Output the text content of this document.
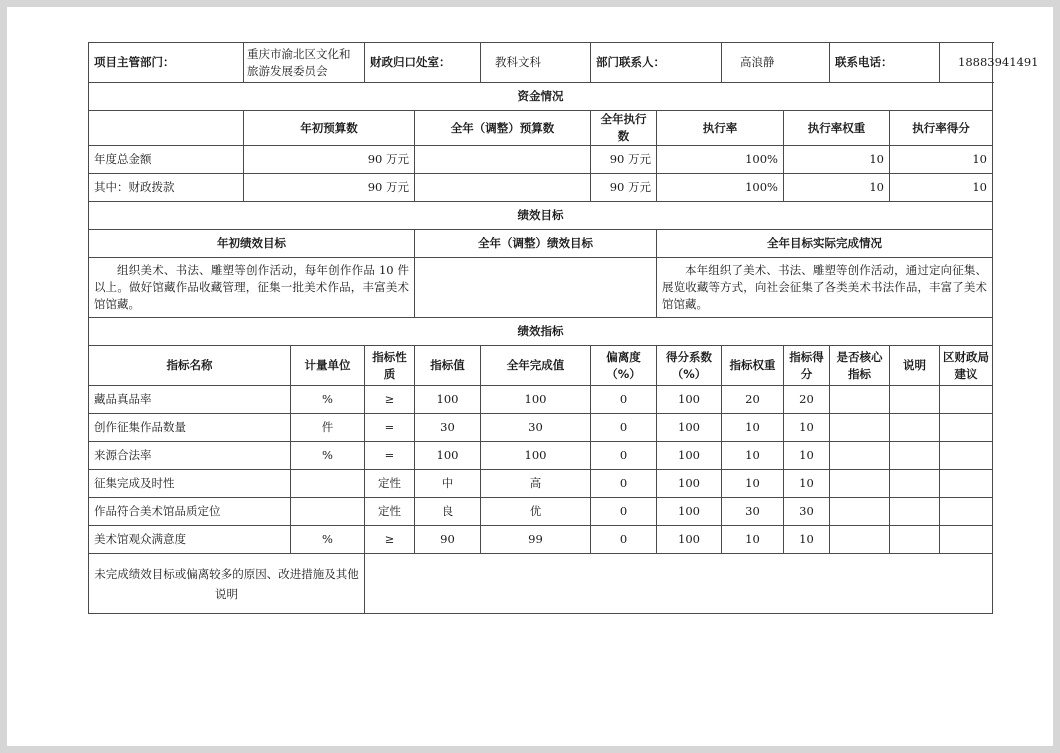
项目主管部门：	重庆市渝北区文化和旅游发展委员会		财政归口处室：		教科文科	部门联系人：		高浪静		联系电话：		18883941491
资金情况												
	年初预算数			全年（调整）预算数		全年执行数	执行率		执行率权重		执行率得分	
年度总金额	90 万元					90 万元	100%		10		10	
其中：财政拨款	90 万元					90 万元	100%		10		10	
绩效目标												
年初绩效目标				全年（调整）绩效目标			全年目标实际完成情况					
组织美术、书法、雕塑等创作活动，每年创作作品 10 件以上。做好馆藏作品收藏管理，征集一批美术作品，丰富美术馆馆藏。							本年组织了美术、书法、雕塑等创作活动，通过定向征集、展览收藏等方式，向社会征集了各类美术书法作品，丰富了美术馆馆藏。					
绩效指标												
指标名称		计量单位	指标性质	指标值	全年完成值	偏离度（%）	得分系数（%）	指标权重	指标得分	是否核心指标	说明	区财政局建议
藏品真品率		%	≥	100	100	0	100	20	20			
创作征集作品数量		件	=	30	30	0	100	10	10			
来源合法率		%	=	100	100	0	100	10	10			
征集完成及时性			定性	中	高	0	100	10	10			
作品符合美术馆品质定位			定性	良	优	0	100	30	30			
美术馆观众满意度		%	≥	90	99	0	100	10	10			
未完成绩效目标或偏离较多的原因、改进措施及其他说明												
